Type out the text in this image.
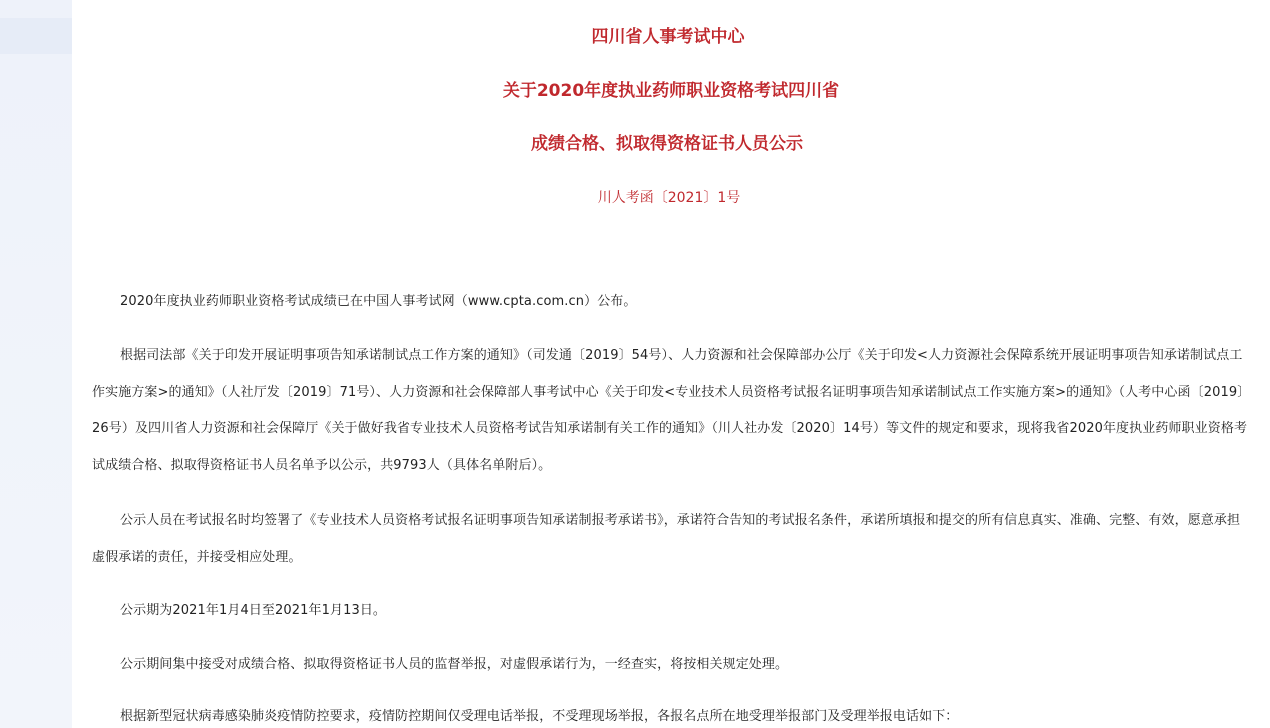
四川省人事考试中心
关于2020年度执业药师职业资格考试四川省
成绩合格、拟取得资格证书人员公示
川人考函〔2021〕1号

2020年度执业药师职业资格考试成绩已在中国人事考试网（www.cpta.com.cn）公布。

根据司法部《关于印发开展证明事项告知承诺制试点工作方案的通知》（司发通〔2019〕54号）、人力资源和社会保障部办公厅《关于印发<人力资源社会保障系统开展证明事项告知承诺制试点工作实施方案>的通知》（人社厅发〔2019〕71号）、人力资源和社会保障部人事考试中心《关于印发<专业技术人员资格考试报名证明事项告知承诺制试点工作实施方案>的通知》（人考中心函〔2019〕26号）及四川省人力资源和社会保障厅《关于做好我省专业技术人员资格考试告知承诺制有关工作的通知》（川人社办发〔2020〕14号）等文件的规定和要求，现将我省2020年度执业药师职业资格考试成绩合格、拟取得资格证书人员名单予以公示，共9793人（具体名单附后）。

公示人员在考试报名时均签署了《专业技术人员资格考试报名证明事项告知承诺制报考承诺书》，承诺符合告知的考试报名条件，承诺所填报和提交的所有信息真实、准确、完整、有效，愿意承担虚假承诺的责任，并接受相应处理。

公示期为2021年1月4日至2021年1月13日。

公示期间集中接受对成绩合格、拟取得资格证书人员的监督举报，对虚假承诺行为，一经查实，将按相关规定处理。

根据新型冠状病毒感染肺炎疫情防控要求，疫情防控期间仅受理电话举报，不受理现场举报，各报名点所在地受理举报部门及受理举报电话如下：
